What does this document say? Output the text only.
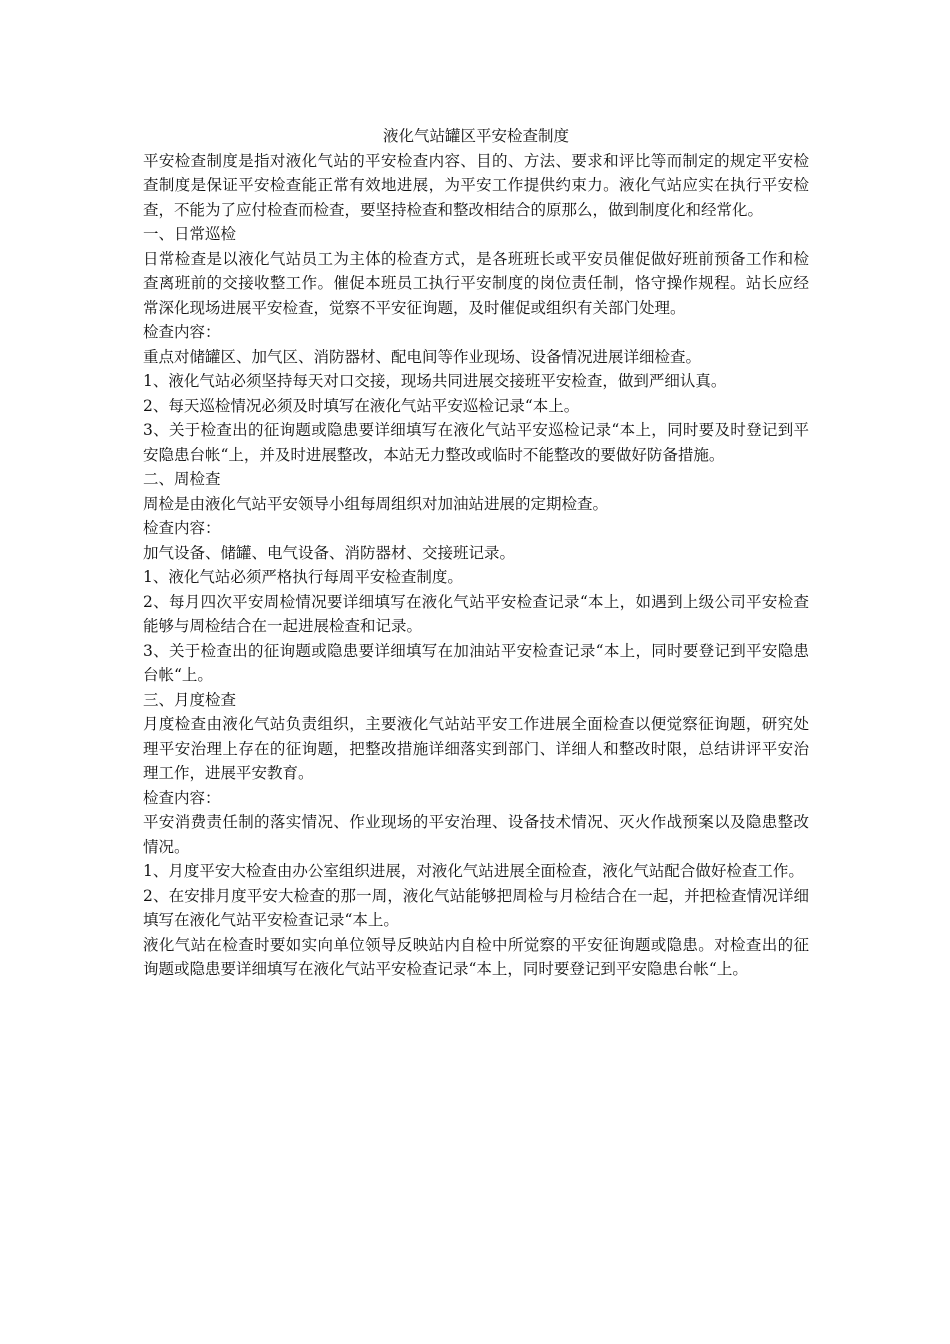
液化气站罐区平安检查制度

平安检查制度是指对液化气站的平安检查内容、目的、方法、要求和评比等而制定的规定平安检查制度是保证平安检查能正常有效地进展，为平安工作提供约束力。液化气站应实在执行平安检查，不能为了应付检查而检查，要坚持检查和整改相结合的原那么，做到制度化和经常化。

一、日常巡检

日常检查是以液化气站员工为主体的检查方式，是各班班长或平安员催促做好班前预备工作和检查离班前的交接收整工作。催促本班员工执行平安制度的岗位责任制，恪守操作规程。站长应经常深化现场进展平安检查，觉察不平安征询题，及时催促或组织有关部门处理。

检查内容：

重点对储罐区、加气区、消防器材、配电间等作业现场、设备情况进展详细检查。

1、液化气站必须坚持每天对口交接，现场共同进展交接班平安检查，做到严细认真。

2、每天巡检情况必须及时填写在液化气站平安巡检记录“本上。

3、关于检查出的征询题或隐患要详细填写在液化气站平安巡检记录“本上，同时要及时登记到平安隐患台帐“上，并及时进展整改，本站无力整改或临时不能整改的要做好防备措施。

二、周检查

周检是由液化气站平安领导小组每周组织对加油站进展的定期检查。

检查内容：

加气设备、储罐、电气设备、消防器材、交接班记录。

1、液化气站必须严格执行每周平安检查制度。

2、每月四次平安周检情况要详细填写在液化气站平安检查记录“本上，如遇到上级公司平安检查能够与周检结合在一起进展检查和记录。

3、关于检查出的征询题或隐患要详细填写在加油站平安检查记录“本上，同时要登记到平安隐患台帐“上。

三、月度检查

月度检查由液化气站负责组织，主要液化气站站平安工作进展全面检查以便觉察征询题，研究处理平安治理上存在的征询题，把整改措施详细落实到部门、详细人和整改时限，总结讲评平安治理工作，进展平安教育。

检查内容：

平安消费责任制的落实情况、作业现场的平安治理、设备技术情况、灭火作战预案以及隐患整改情况。

1、月度平安大检查由办公室组织进展，对液化气站进展全面检查，液化气站配合做好检查工作。

2、在安排月度平安大检查的那一周，液化气站能够把周检与月检结合在一起，并把检查情况详细填写在液化气站平安检查记录“本上。

液化气站在检查时要如实向单位领导反映站内自检中所觉察的平安征询题或隐患。对检查出的征询题或隐患要详细填写在液化气站平安检查记录“本上，同时要登记到平安隐患台帐“上。
